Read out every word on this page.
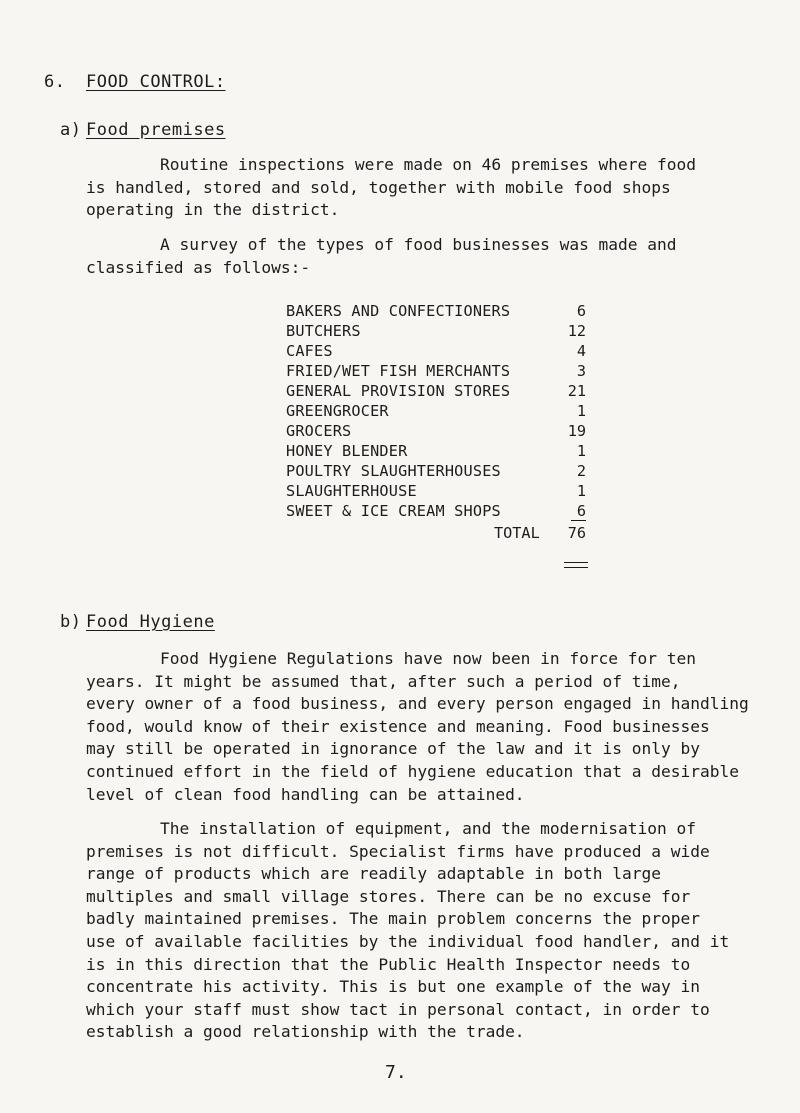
6. FOOD CONTROL:
a) Food premises
Routine inspections were made on 46 premises where food
is handled, stored and sold, together with mobile food shops
operating in the district.
A survey of the types of food businesses was made and
classified as follows:-
BAKERS AND CONFECTIONERS	6
BUTCHERS	12
CAFES	4
FRIED/WET FISH MERCHANTS	3
GENERAL PROVISION STORES	21
GREENGROCER	1
GROCERS	19
HONEY BLENDER	1
POULTRY SLAUGHTERHOUSES	2
SLAUGHTERHOUSE	1
SWEET & ICE CREAM SHOPS	6
TOTAL 76
b) Food Hygiene
Food Hygiene Regulations have now been in force for ten
years. It might be assumed that, after such a period of time,
every owner of a food business, and every person engaged in handling
food, would know of their existence and meaning. Food businesses
may still be operated in ignorance of the law and it is only by
continued effort in the field of hygiene education that a desirable
level of clean food handling can be attained.
The installation of equipment, and the modernisation of
premises is not difficult. Specialist firms have produced a wide
range of products which are readily adaptable in both large
multiples and small village stores. There can be no excuse for
badly maintained premises. The main problem concerns the proper
use of available facilities by the individual food handler, and it
is in this direction that the Public Health Inspector needs to
concentrate his activity. This is but one example of the way in
which your staff must show tact in personal contact, in order to
establish a good relationship with the trade.
7.
